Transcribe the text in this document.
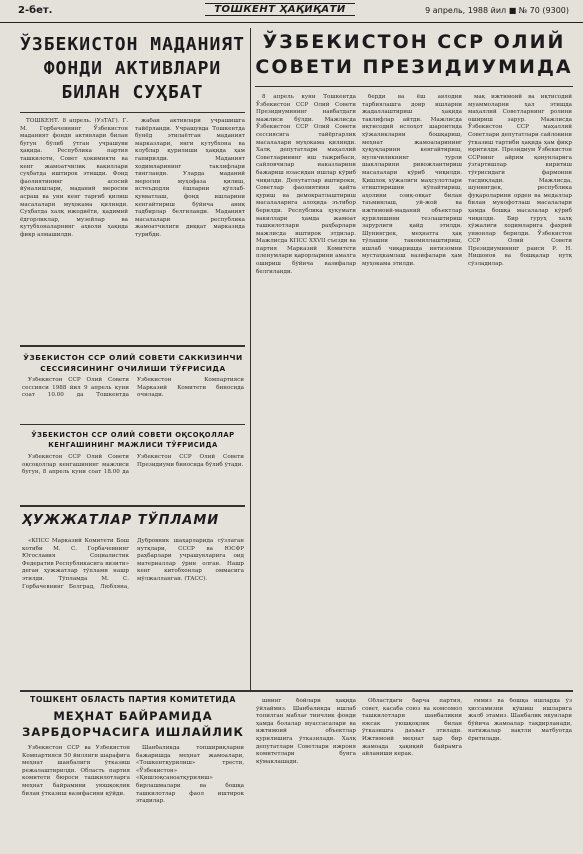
2-бет.	ТОШКЕНТ ҲАҚИҚАТИ	9 апрель, 1988 йил ■ № 70 (9300)
ЎЗБЕКИСТОН МАДАНИЯТ ФОНДИ АКТИВЛАРИ БИЛАН СУҲБАТ
ЎЗБЕКИСТОН ССР ОЛИЙ СОВЕТИ ПРЕЗИДИУМИДА

ТОШКЕНТ. 8 апрель. (ЎзТАГ). Г. М. Горбачевнинг Ўзбекистон маданият фонди активлари билан бугун бўлиб ўтган учрашуви ҳақида. Республика партия ташкилоти, Совет ҳокимияти ва кенг жамоатчилик вакиллари суҳбатда иштирок этишди. Фонд фаолиятининг асосий йўналишлари, маданий меросни асраш ва уни кенг тарғиб қилиш масалалари муҳокама қилинди. Суҳбатда халқ ижодиёти, қадимий ёдгорликлар, музейлар ва кутубхоналарнинг аҳволи ҳақида фикр алмашилди.

жабан активлари учрашишга тайёрланди. Учрашувда Тошкентда бунёд этилаётган маданият марказлари, янги кутубхона ва клублар қурилиши ҳақида ҳам гапирилди. Маданият ходимларининг таклифлари тингланди. Уларда маданий меросни муҳофаза қилиш, истеъдодли ёшларни қўллаб-қувватлаш, фонд ишларини кенгайтириш бўйича аниқ тадбирлар белгиланди. Маданият масалалари республика жамоатчилиги диққат марказида турибди.

ЎЗБЕКИСТОН ССР ОЛИЙ СОВЕТИ САККИЗИНЧИ СЕССИЯСИНИНГ ОЧИЛИШИ ТЎҒРИСИДА

Ўзбекистон ССР Олий Совети сессияси 1988 йил 9 апрель куни соат 10.00 да Тошкентда Ўзбекистон Компартияси Марказий Комитети биносида очилади.

ЎЗБЕКИСТОН ССР ОЛИЙ СОВЕТИ ОҚСОҚОЛЛАР КЕНГАШИНИНГ МАЖЛИСИ ТЎҒРИСИДА

Ўзбекистон ССР Олий Совети оқсоқоллар кенгашининг мажлиси бугун, 8 апрель куни соат 18.00 да Ўзбекистон ССР Олий Совети Президиуми биносида бўлиб ўтади.

ҲУЖЖАТЛАР ТЎПЛАМИ

«КПСС Марказий Комитети Бош котиби М. С. Горбачевнинг Югославия Социалистик Федератив Республикасига визити» деган ҳужжатлар тўплами нашр этилди. Тўпламда М. С. Горбачевнинг Белград, Любляна, Дубровник шаҳарларида сўзлаган нутқлари, СССР ва ЮСФР раҳбарлари учрашувларига оид материаллар ўрин олган. Нашр кенг китобхонлар оммасига мўлжалланган. (ТАСС).

8 апрель куни Тошкентда Ўзбекистон ССР Олий Совети Президиумининг навбатдаги мажлиси бўлди. Мажлисда Ўзбекистон ССР Олий Совети сессиясига тайёргарлик масалалари муҳокама қилинди. Халқ депутатлари маҳаллий Советларининг иш тажрибаси, сайловчилар наказларини бажариш юзасидан ишлар кўриб чиқилди. Депутатлар иштироки, Советлар фаолиятини қайта қуриш ва демократлаштириш масалаларига алоҳида эътибор берилди. Республика ҳукумати вакиллари ҳамда жамоат ташкилотлари раҳбарлари мажлисда иштирок этдилар. Мажлисда КПСС XXVII съезди ва партия Марказий Комитети пленумлари қарорларини амалга ошириш бўйича вазифалар белгиланди.

берди ва ёш авлодни тарбиялашга доир ишларни жадаллаштириш ҳақида таклифлар айтди. Мажлисда иқтисодий ислоҳот шароитида хўжаликларни бошқариш, меҳнат жамоаларининг ҳуқуқларини кенгайтириш, мулкчиликнинг турли шаклларини ривожлантириш масалалари кўриб чиқилди. Қишлоқ хўжалиги маҳсулотлари етиштиришни кўпайтириш, аҳолини озиқ-овқат билан таъминлаш, уй-жой ва ижтимоий-маданий объектлар қурилишини тезлаштириш зарурлиги қайд этилди. Шунингдек, меҳнатга ҳақ тўлашни такомиллаштириш, ишлаб чиқаришда интизомни мустаҳкамлаш вазифалари ҳам муҳокама этилди.

мақ ижтимоий ва иқтисодий муаммоларни ҳал этишда маҳаллий Советларнинг ролини ошириш зарур. Мажлисда Ўзбекистон ССР маҳаллий Советлари депутатлари сайловини ўтказиш тартиби ҳақида ҳам фикр юритилди. Президиум Ўзбекистон ССРнинг айрим қонунларига ўзгартишлар киритиш тўғрисидаги фармонни тасдиқлади. Мажлисда, шунингдек, республика фуқароларини орден ва медаллар билан мукофотлаш масалалари ҳамда бошқа масалалар кўриб чиқилди. Бир гуруҳ халқ хўжалиги ходимларига фахрий унвонлар берилди. Ўзбекистон ССР Олий Совети Президиумининг раиси Р. Н. Нишонов ва бошқалар нутқ сўзладилар.

ТОШКЕНТ ОБЛАСТЬ ПАРТИЯ КОМИТЕТИДА
МЕҲНАТ БАЙРАМИДА ЗАРБДОРЧАСИГА ИШЛАЙЛИК

Ўзбекистон ССР ва Узбекистон Компартияси 50 йиллиги шарафига меҳнат шанбалиги ўтказиш режалаштирилди. Область партия комитети бюроси ташкилотларга меҳнат байрамини уюшқоқлик билан ўтказиш вазифасини қўйди.

Шанбаликда топшириқларни бажаришда меҳнат жамоалари, «Тошкентқурилиш» трести, «Ўзбекистон» «Қишлоқсаноатқурилиш» бирлашмалари ва бошқа ташкилотлар фаол иштирок этадилар.

шнинг бойлари ҳақида ўйлаймиз. Шанбаликда ишлаб топилган маблағ тинчлик фонди ҳамда болалар муассасалари ва ижтимоий объектлар қурилишига ўтказилади. Халқ депутатлари Советлари ижроия комитетлари бунга кўмаклашади.

Областдаги барча партия, совет, касаба союз ва комсомол ташкилотлари шанбаликни юксак уюшқоқлик билан ўтказишга даъват этилади. Ижтимоий меҳнат ҳар бир жамоада ҳақиқий байрамга айланиши керак.

ғимиз ва бошқа ишларда ўз ҳиссамизни қўшиш ишларига жалб этамиз. Шанбалик якунлари бўйича жамоалар тақдирланади, натижалар вақтли матбуотда ёритилади.
